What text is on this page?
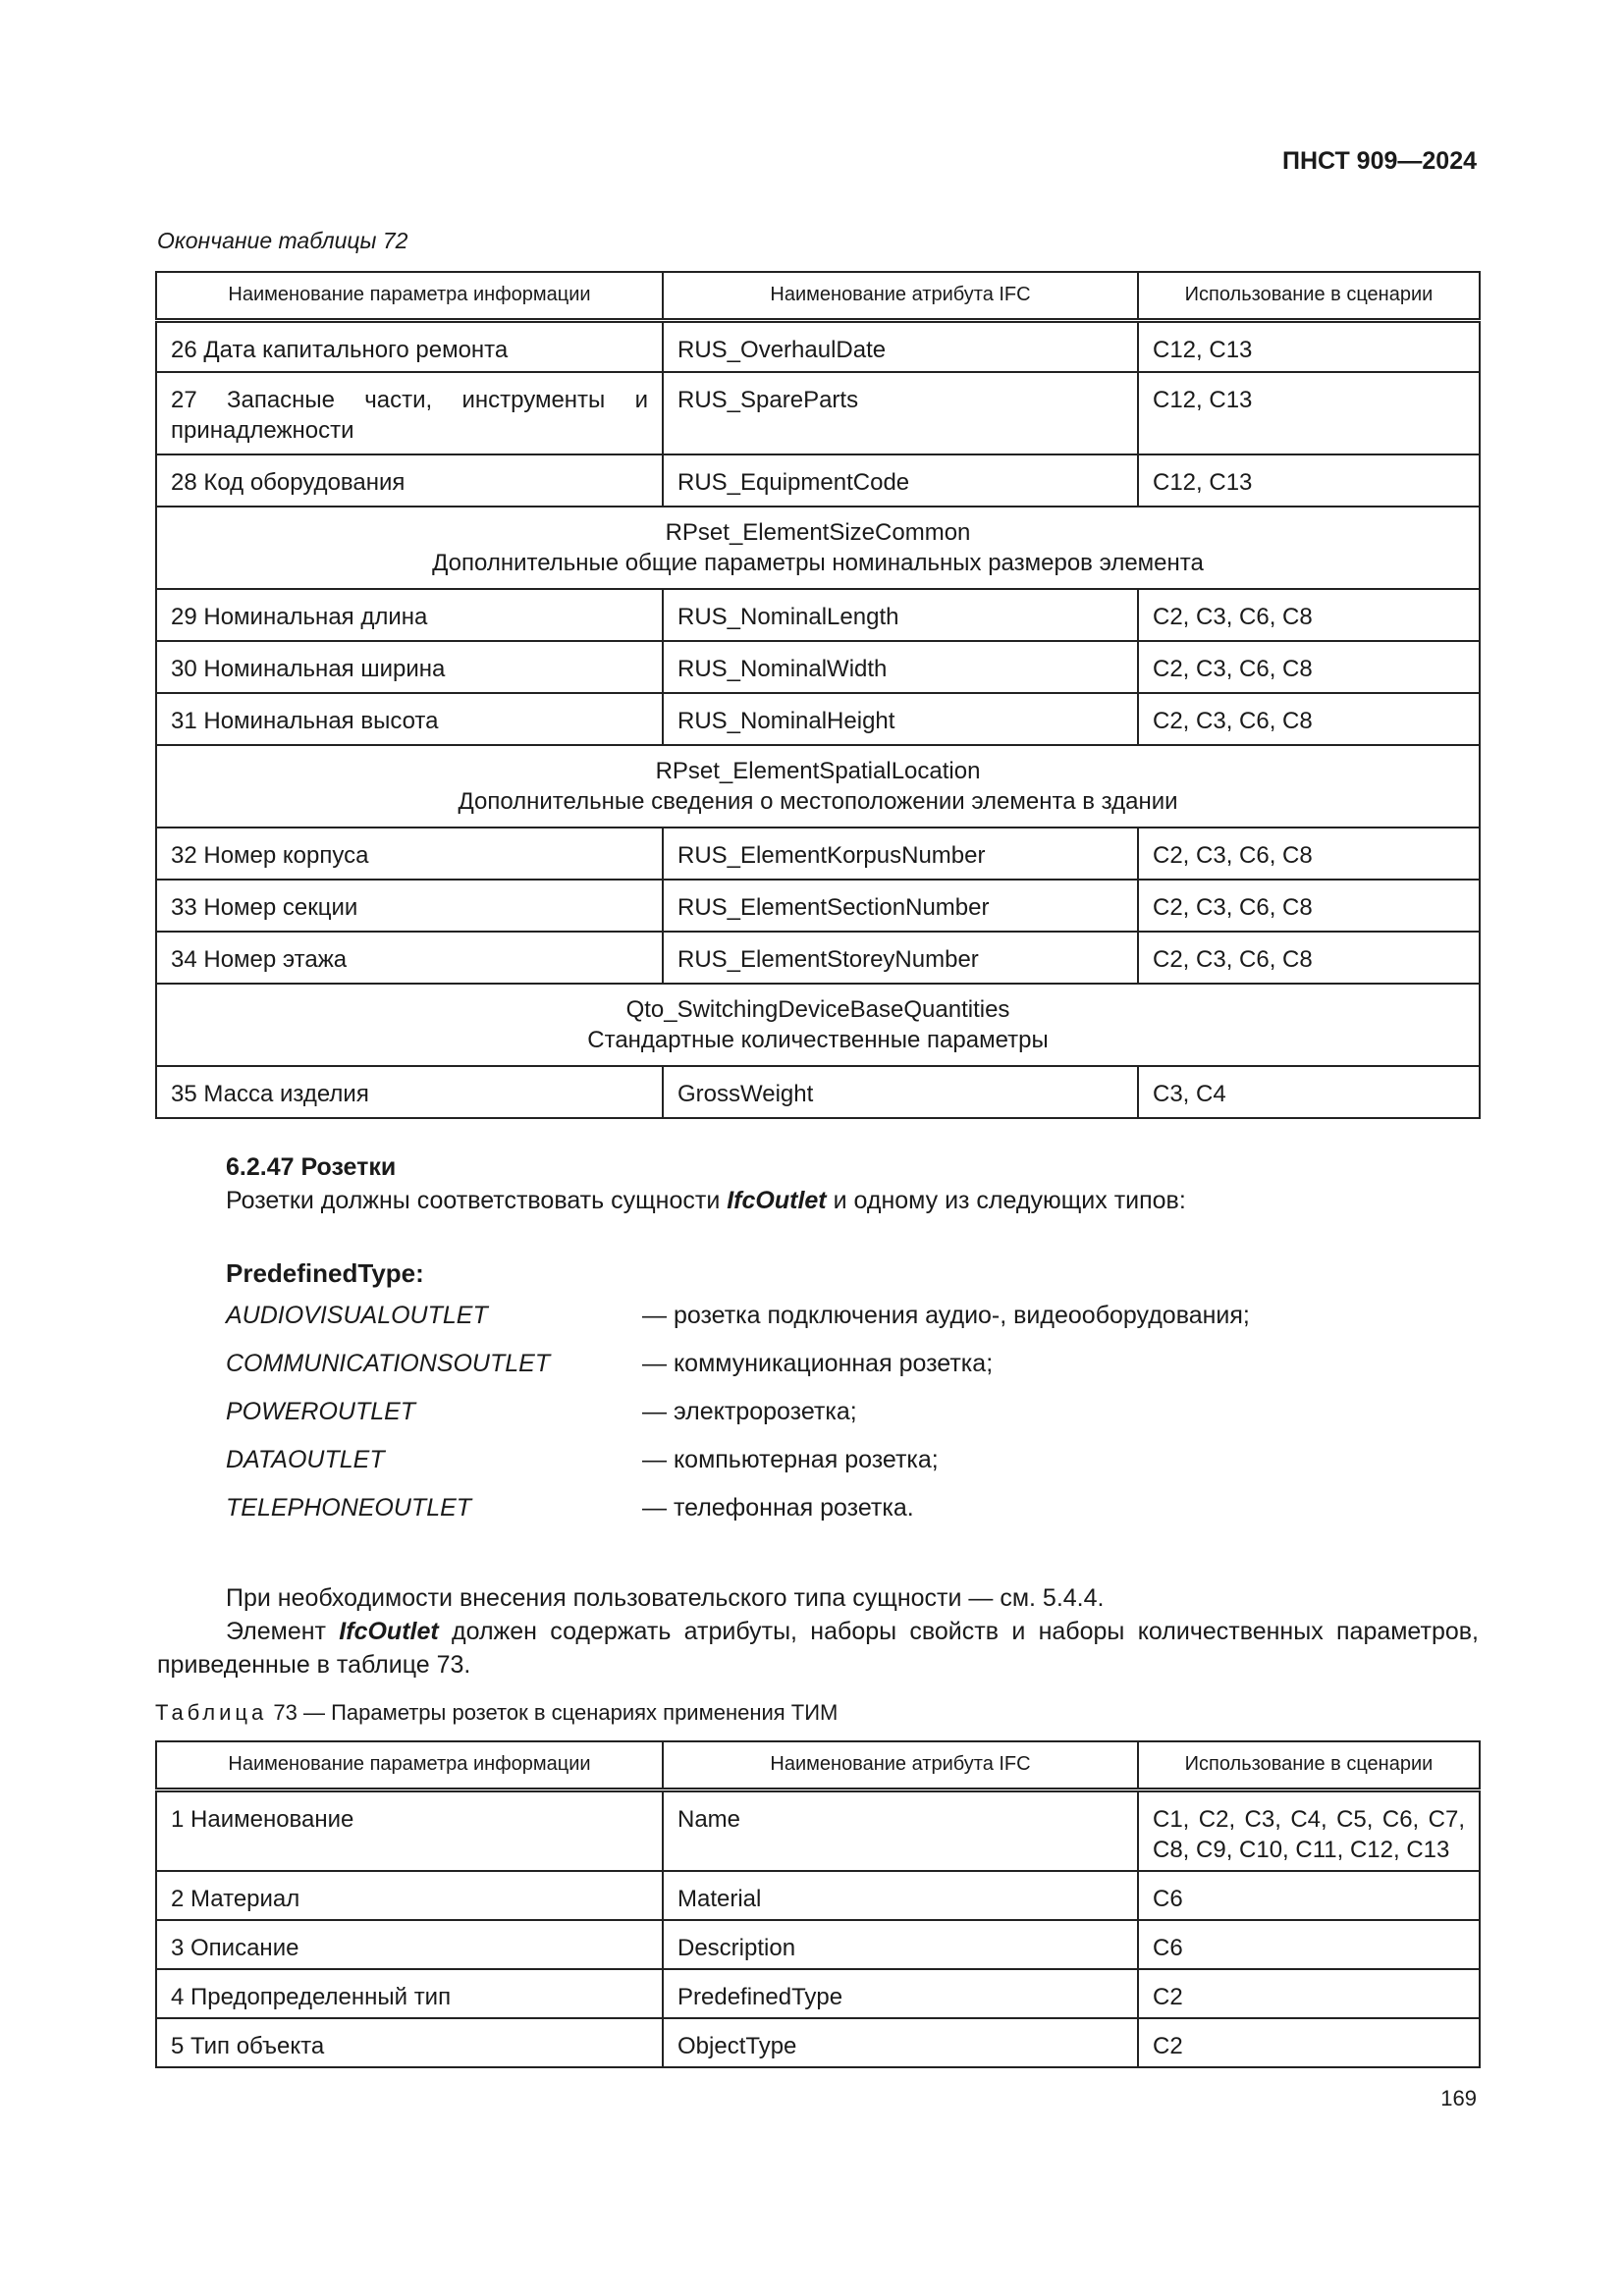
ПНСТ 909—2024
Окончание таблицы 72
Наименование параметра информации	Наименование атрибута IFC	Использование в сценарии
26 Дата капитального ремонта	RUS_OverhaulDate	С12, С13
27 Запасные части, инструменты и принадлежности	RUS_SpareParts	С12, С13
28 Код оборудования	RUS_EquipmentCode	С12, С13

RPset_ElementSizeCommon
Дополнительные общие параметры номинальных размеров элемента		

29 Номинальная длина	RUS_NominalLength	С2, С3, С6, С8
30 Номинальная ширина	RUS_NominalWidth	С2, С3, С6, С8
31 Номинальная высота	RUS_NominalHeight	С2, С3, С6, С8

RPset_ElementSpatialLocation
Дополнительные сведения о местоположении элемента в здании		

32 Номер корпуса	RUS_ElementKorpusNumber	С2, С3, С6, С8
33 Номер секции	RUS_ElementSectionNumber	С2, С3, С6, С8
34 Номер этажа	RUS_ElementStoreyNumber	С2, С3, С6, С8

Qto_SwitchingDeviceBaseQuantities
Стандартные количественные параметры		

35 Масса изделия	GrossWeight	С3, С4
6.2.47 Розетки
Розетки должны соответствовать сущности IfcOutlet и одному из следующих типов:
PredefinedType:
AUDIOVISUALOUTLET	— розетка подключения аудио-, видеооборудования;
COMMUNICATIONSOUTLET	— коммуникационная розетка;
POWEROUTLET	— электророзетка;
DATAOUTLET	— компьютерная розетка;
TELEPHONEOUTLET	— телефонная розетка.
При необходимости внесения пользовательского типа сущности — см. 5.4.4.
Элемент IfcOutlet должен содержать атрибуты, наборы свойств и наборы количественных параметров, приведенные в таблице 73.
Таблица 73 — Параметры розеток в сценариях применения ТИМ
Наименование параметра информации	Наименование атрибута IFC	Использование в сценарии
1 Наименование	Name	С1, С2, С3, С4, С5, С6, С7, С8, С9, С10, С11, С12, С13
2 Материал	Material	С6
3 Описание	Description	С6
4 Предопределенный тип	PredefinedType	С2
5 Тип объекта	ObjectType	С2
169
